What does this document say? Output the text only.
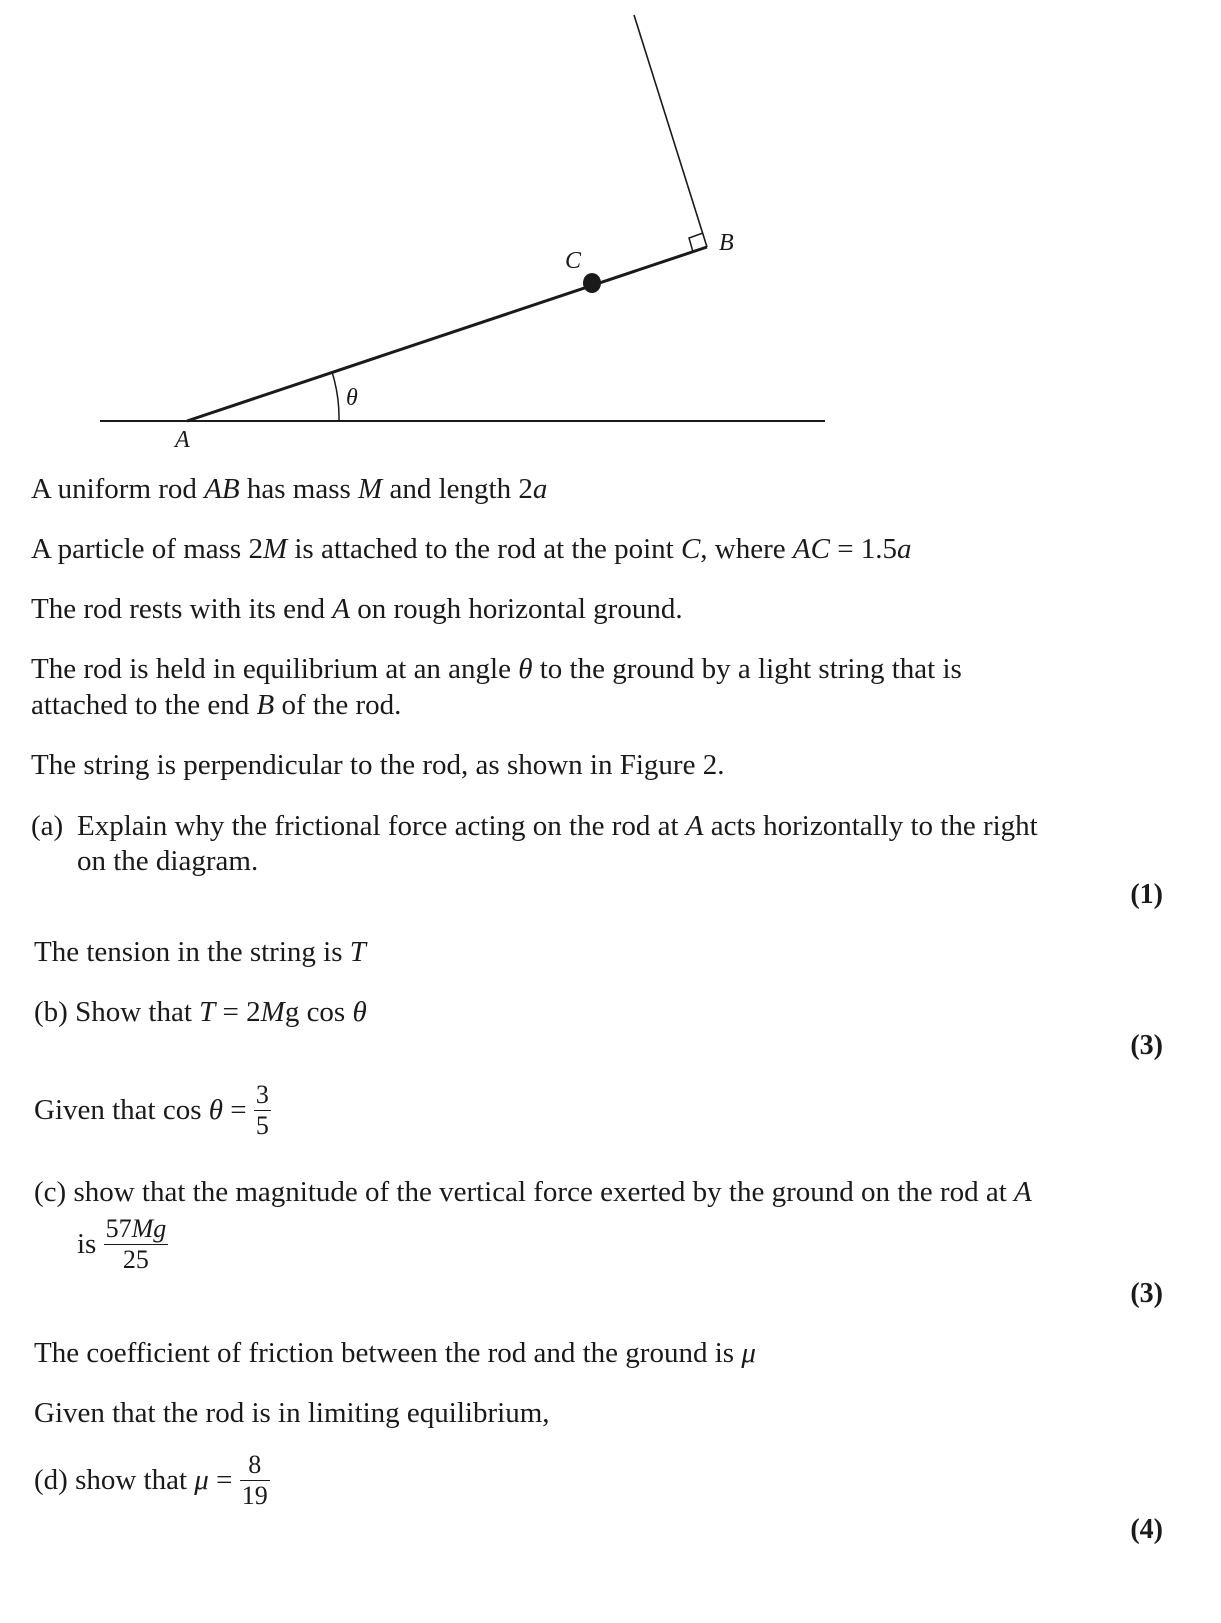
A
B
C
θ
A uniform rod AB has mass M and length 2a
A particle of mass 2M is attached to the rod at the point C, where AC = 1.5a
The rod rests with its end A on rough horizontal ground.
The rod is held in equilibrium at an angle θ to the ground by a light string that is
attached to the end B of the rod.
The string is perpendicular to the rod, as shown in Figure 2.
(a) Explain why the frictional force acting on the rod at A acts horizontally to the right
on the diagram.
(1)
The tension in the string is T
(b) Show that T = 2Mg cos θ
(3)
Given that $\cos \theta = \frac{3}{5}$
(c) show that the magnitude of the vertical force exerted by the ground on the rod at A
is $\frac{57Mg}{25}$
(3)
The coefficient of friction between the rod and the ground is μ
Given that the rod is in limiting equilibrium,
(d) show that $\mu = \frac{8}{19}$
(4)
